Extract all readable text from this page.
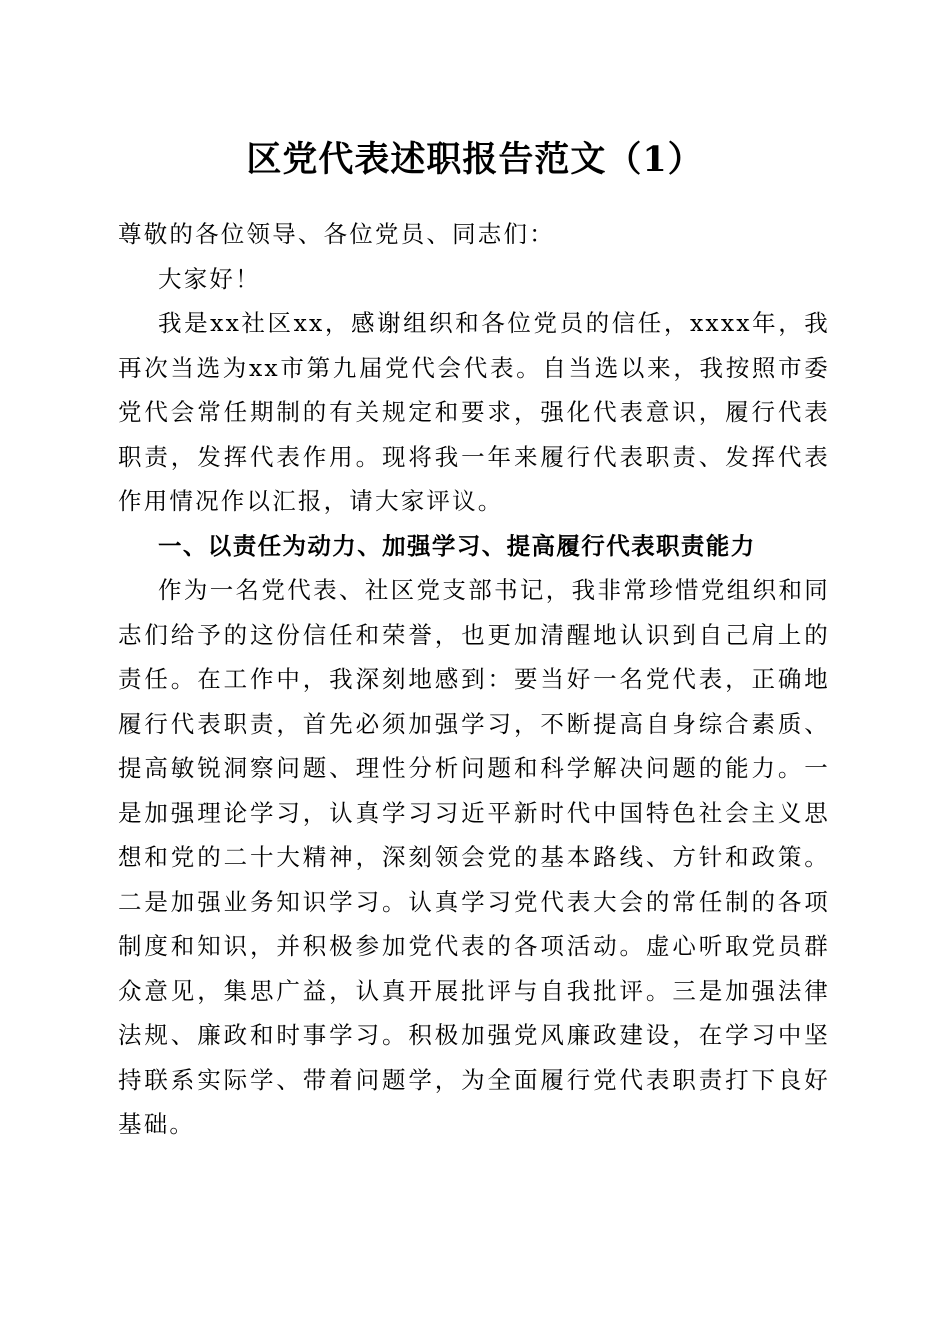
区党代表述职报告范文（1）

尊敬的各位领导、各位党员、同志们：

大家好！

我是xx社区xx，感谢组织和各位党员的信任，xxxx年，我再次当选为xx市第九届党代会代表。自当选以来，我按照市委党代会常任期制的有关规定和要求，强化代表意识，履行代表职责，发挥代表作用。现将我一年来履行代表职责、发挥代表作用情况作以汇报，请大家评议。

一、以责任为动力、加强学习、提高履行代表职责能力

作为一名党代表、社区党支部书记，我非常珍惜党组织和同志们给予的这份信任和荣誉，也更加清醒地认识到自己肩上的责任。在工作中，我深刻地感到：要当好一名党代表，正确地履行代表职责，首先必须加强学习，不断提高自身综合素质、提高敏锐洞察问题、理性分析问题和科学解决问题的能力。一是加强理论学习，认真学习习近平新时代中国特色社会主义思想和党的二十大精神，深刻领会党的基本路线、方针和政策。二是加强业务知识学习。认真学习党代表大会的常任制的各项制度和知识，并积极参加党代表的各项活动。虚心听取党员群众意见，集思广益，认真开展批评与自我批评。三是加强法律法规、廉政和时事学习。积极加强党风廉政建设，在学习中坚持联系实际学、带着问题学，为全面履行党代表职责打下良好基础。
